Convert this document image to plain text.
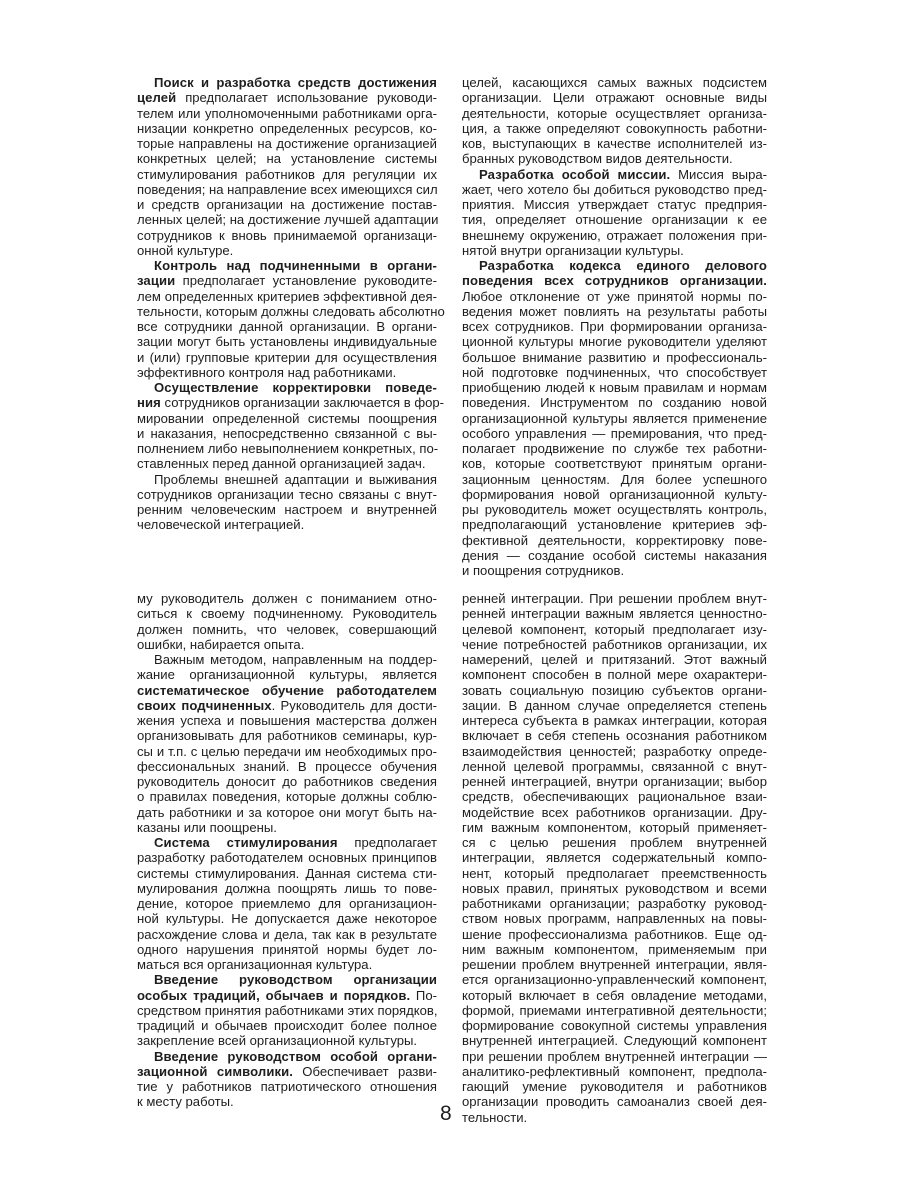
Поиск и разработка средств достижения
целей предполагает использование руководи-
телем или уполномоченными работниками орга-
низации конкретно определенных ресурсов, ко-
торые направлены на достижение организацией
конкретных целей; на установление системы
стимулирования работников для регуляции их
поведения; на направление всех имеющихся сил
и средств организации на достижение постав-
ленных целей; на достижение лучшей адаптации
сотрудников к вновь принимаемой организаци-
онной культуре.
Контроль над подчиненными в органи-
зации предполагает установление руководите-
лем определенных критериев эффективной дея-
тельности, которым должны следовать абсолютно
все сотрудники данной организации. В органи-
зации могут быть установлены индивидуальные
и (или) групповые критерии для осуществления
эффективного контроля над работниками.
Осуществление корректировки поведе-
ния сотрудников организации заключается в фор-
мировании определенной системы поощрения
и наказания, непосредственно связанной с вы-
полнением либо невыполнением конкретных, по-
ставленных перед данной организацией задач.
Проблемы внешней адаптации и выживания
сотрудников организации тесно связаны с внут-
ренним человеческим настроем и внутренней
человеческой интеграцией.
целей, касающихся самых важных подсистем
организации. Цели отражают основные виды
деятельности, которые осуществляет организа-
ция, а также определяют совокупность работни-
ков, выступающих в качестве исполнителей из-
бранных руководством видов деятельности.
Разработка особой миссии. Миссия выра-
жает, чего хотело бы добиться руководство пред-
приятия. Миссия утверждает статус предприя-
тия, определяет отношение организации к ее
внешнему окружению, отражает положения при-
нятой внутри организации культуры.
Разработка кодекса единого делового
поведения всех сотрудников организации.
Любое отклонение от уже принятой нормы по-
ведения может повлиять на результаты работы
всех сотрудников. При формировании организа-
ционной культуры многие руководители уделяют
большое внимание развитию и профессиональ-
ной подготовке подчиненных, что способствует
приобщению людей к новым правилам и нормам
поведения. Инструментом по созданию новой
организационной культуры является применение
особого управления — премирования, что пред-
полагает продвижение по службе тех работни-
ков, которые соответствуют принятым органи-
зационным ценностям. Для более успешного
формирования новой организационной культу-
ры руководитель может осуществлять контроль,
предполагающий установление критериев эф-
фективной деятельности, корректировку пове-
дения — создание особой системы наказания
и поощрения сотрудников.
му руководитель должен с пониманием отно-
ситься к своему подчиненному. Руководитель
должен помнить, что человек, совершающий
ошибки, набирается опыта.
Важным методом, направленным на поддер-
жание организационной культуры, является
систематическое обучение работодателем
своих подчиненных. Руководитель для дости-
жения успеха и повышения мастерства должен
организовывать для работников семинары, кур-
сы и т.п. с целью передачи им необходимых про-
фессиональных знаний. В процессе обучения
руководитель доносит до работников сведения
о правилах поведения, которые должны соблю-
дать работники и за которое они могут быть на-
казаны или поощрены.
Система стимулирования предполагает
разработку работодателем основных принципов
системы стимулирования. Данная система сти-
мулирования должна поощрять лишь то пове-
дение, которое приемлемо для организацион-
ной культуры. Не допускается даже некоторое
расхождение слова и дела, так как в результате
одного нарушения принятой нормы будет ло-
маться вся организационная культура.
Введение руководством организации
особых традиций, обычаев и порядков. По-
средством принятия работниками этих порядков,
традиций и обычаев происходит более полное
закрепление всей организационной культуры.
Введение руководством особой органи-
зационной символики. Обеспечивает разви-
тие у работников патриотического отношения
к месту работы.
ренней интеграции. При решении проблем внут-
ренней интеграции важным является ценностно-
целевой компонент, который предполагает изу-
чение потребностей работников организации, их
намерений, целей и притязаний. Этот важный
компонент способен в полной мере охарактери-
зовать социальную позицию субъектов органи-
зации. В данном случае определяется степень
интереса субъекта в рамках интеграции, которая
включает в себя степень осознания работником
взаимодействия ценностей; разработку опреде-
ленной целевой программы, связанной с внут-
ренней интеграцией, внутри организации; выбор
средств, обеспечивающих рациональное взаи-
модействие всех работников организации. Дру-
гим важным компонентом, который применяет-
ся с целью решения проблем внутренней
интеграции, является содержательный компо-
нент, который предполагает преемственность
новых правил, принятых руководством и всеми
работниками организации; разработку руковод-
ством новых программ, направленных на повы-
шение профессионализма работников. Еще од-
ним важным компонентом, применяемым при
решении проблем внутренней интеграции, явля-
ется организационно-управленческий компонент,
который включает в себя овладение методами,
формой, приемами интегративной деятельности;
формирование совокупной системы управления
внутренней интеграцией. Следующий компонент
при решении проблем внутренней интеграции —
аналитико-рефлективный компонент, предпола-
гающий умение руководителя и работников
организации проводить самоанализ своей дея-
тельности.
8
